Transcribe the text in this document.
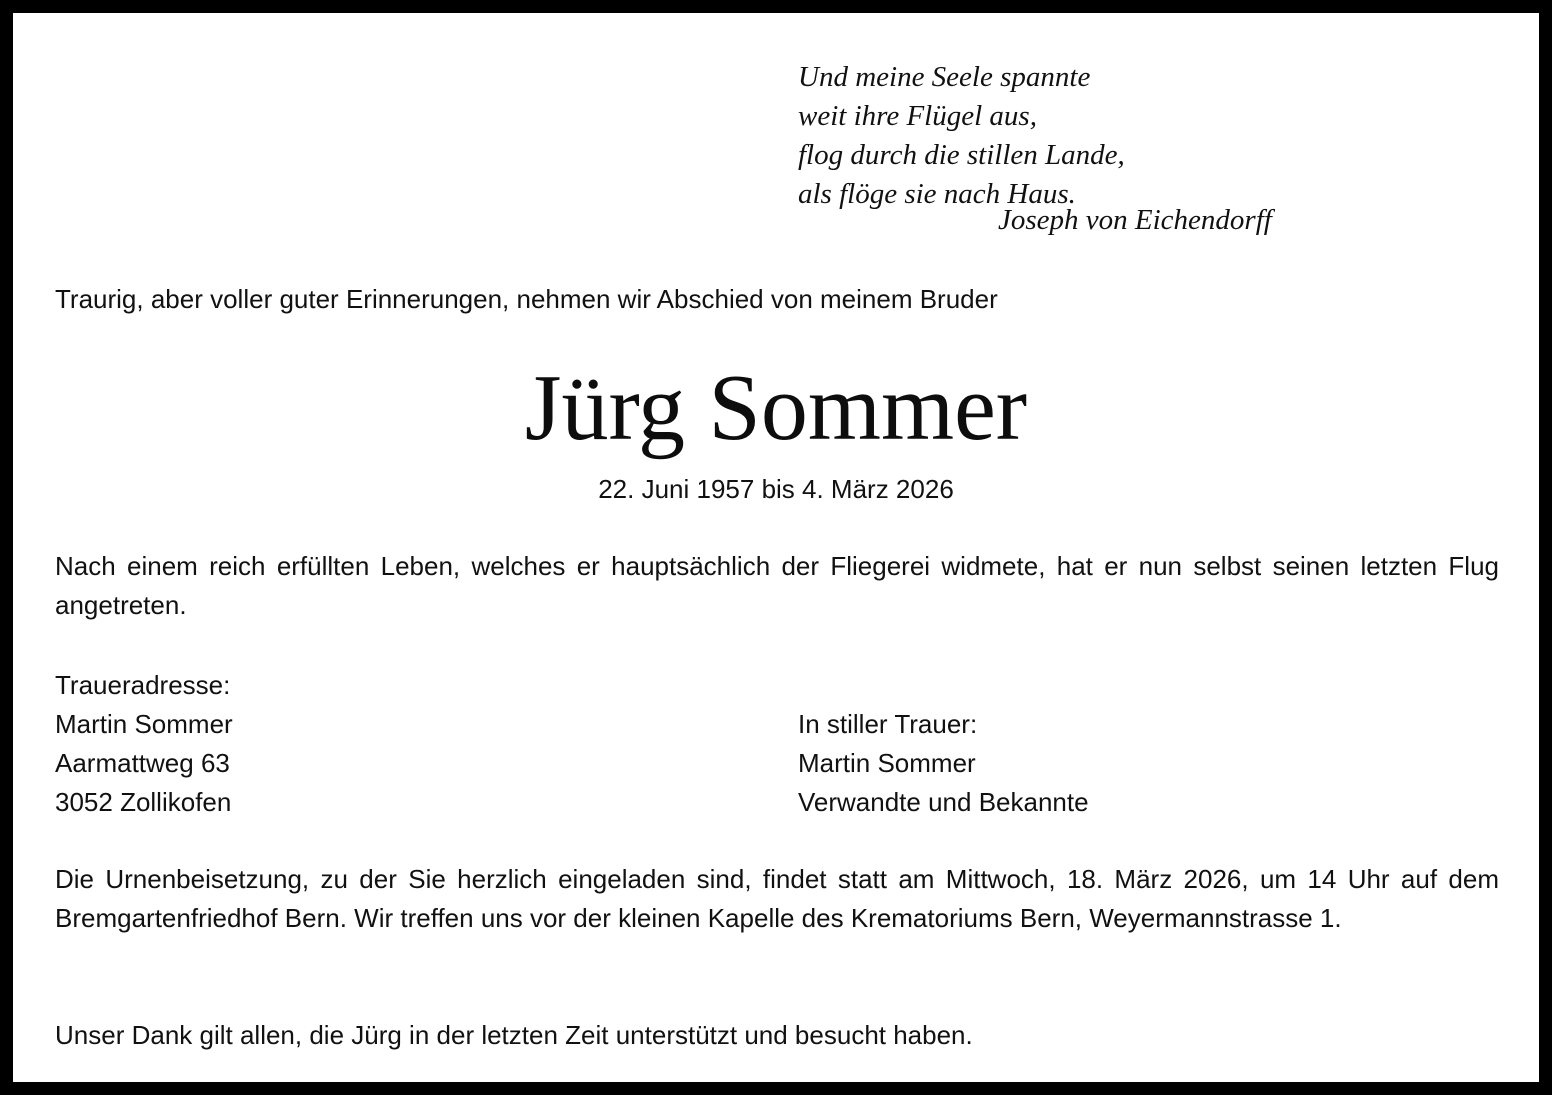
Und meine Seele spannte
weit ihre Flügel aus,
flog durch die stillen Lande,
als flöge sie nach Haus.
Joseph von Eichendorff
Traurig, aber voller guter Erinnerungen, nehmen wir Abschied von meinem Bruder
Jürg Sommer
22. Juni 1957 bis 4. März 2026
Nach einem reich erfüllten Leben, welches er hauptsächlich der Fliegerei widmete, hat er nun selbst seinen letzten Flug angetreten.
Traueradresse:
Martin Sommer
Aarmattweg 63
3052 Zollikofen
In stiller Trauer:
Martin Sommer
Verwandte und Bekannte
Die Urnenbeisetzung, zu der Sie herzlich eingeladen sind, findet statt am Mittwoch, 18. März 2026, um 14 Uhr auf dem Bremgartenfriedhof Bern. Wir treffen uns vor der kleinen Kapelle des Krematoriums Bern, Weyermannstrasse 1.
Unser Dank gilt allen, die Jürg in der letzten Zeit unterstützt und besucht haben.
